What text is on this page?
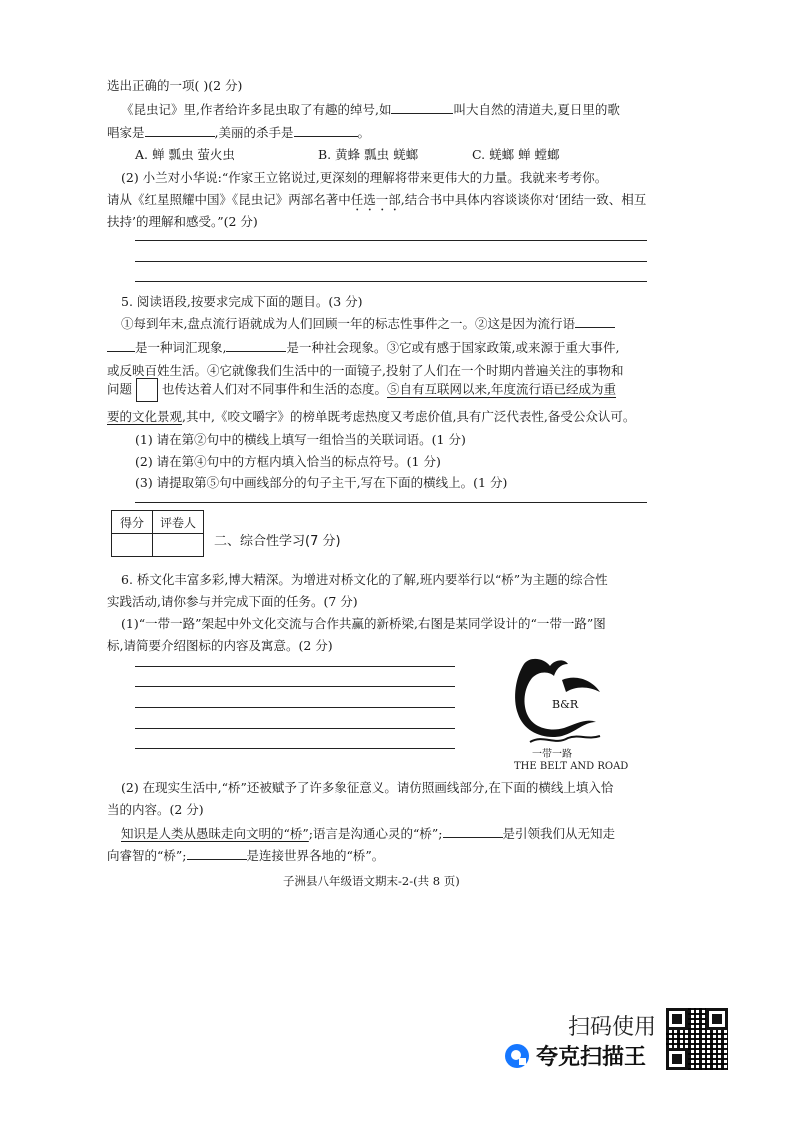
选出正确的一项( )(2 分)
《昆虫记》里,作者给许多昆虫取了有趣的绰号,如	叫大自然的清道夫,夏日里的歌
唱家是	,美丽的杀手是	。
A. 蝉 瓢虫 萤火虫	B. 黄蜂 瓢虫 蜣螂	C. 蜣螂 蝉 螳螂
(2) 小兰对小华说:“作家王立铭说过,更深刻的理解将带来更伟大的力量。我就来考考你。
请从《红星照耀中国》《昆虫记》两部名著中任选一部,结合书中具体内容谈谈你对‘团结一致、相互
扶持’的理解和感受。”(2 分)
5. 阅读语段,按要求完成下面的题目。(3 分)
①每到年末,盘点流行语就成为人们回顾一年的标志性事件之一。②这是因为流行语
是一种词汇现象,	是一种社会现象。③它或有感于国家政策,或来源于重大事件,
或反映百姓生活。④它就像我们生活中的一面镜子,投射了人们在一个时期内普遍关注的事物和
问题 也传达着人们对不同事件和生活的态度。⑤自有互联网以来,年度流行语已经成为重
要的文化景观,其中,《咬文嚼字》的榜单既考虑热度又考虑价值,具有广泛代表性,备受公众认可。
(1) 请在第②句中的横线上填写一组恰当的关联词语。(1 分)
(2) 请在第④句中的方框内填入恰当的标点符号。(1 分)
(3) 请提取第⑤句中画线部分的句子主干,写在下面的横线上。(1 分)
得分	评卷人

二、综合性学习(7 分)
6. 桥文化丰富多彩,博大精深。为增进对桥文化的了解,班内要举行以“桥”为主题的综合性
实践活动,请你参与并完成下面的任务。(7 分)
(1)“一带一路”架起中外文化交流与合作共赢的新桥梁,右图是某同学设计的“一带一路”图
标,请简要介绍图标的内容及寓意。(2 分)
B&R
一带一路
THE BELT AND ROAD
(2) 在现实生活中,“桥”还被赋予了许多象征意义。请仿照画线部分,在下面的横线上填入恰
当的内容。(2 分)
知识是人类从愚昧走向文明的“桥”;语言是沟通心灵的“桥”;	是引领我们从无知走
向睿智的“桥”;	是连接世界各地的“桥”。
子洲县八年级语文期末-2-(共 8 页)
扫码使用
夸克扫描王
